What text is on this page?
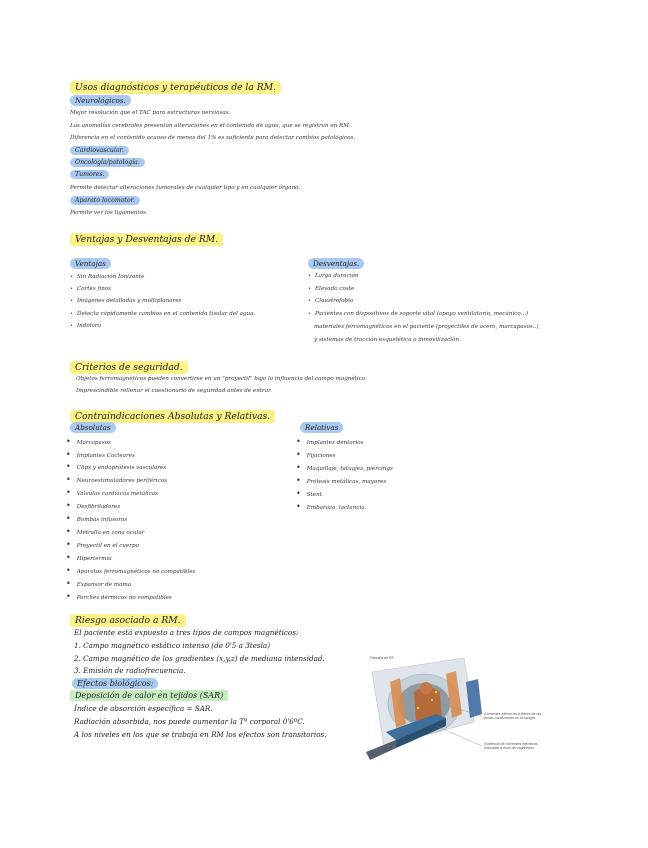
Usos diagnósticos y terapéuticos de la RM.
Neurológicos.
Mejor resolución que el TAC para estructuras nerviosas.
Las anomalías cerebrales presentan alteraciones en el contenido de agua, que se registran en RM.
Diferencia en el contenido acuoso de menos del 1% es suficiente para detectar cambios patológicos.
Cardiovascular.
Oncología/patología.
Tumores.
Permite detectar alteraciones tumorales de cualquier tipo y en cualquier órgano.
Aparato locomotor.
Permite ver los ligamentos.
Ventajas y Desventajas de RM.
Ventajas
• Sin Radiación Ionizante
• Cortes finos
• Imágenes detalladas y multiplanares
• Detecta rápidamente cambios en el contenido tisular del agua.
• Indoloro
Desventajas.
• Larga duración
• Elevado coste
• Claustrofobia
• Pacientes con dispositivos de soporte vital (apoyo ventilatorio, mecánico...)
materiales ferromagnéticos en el paciente (proyectiles de acero, marcapasos..),
y sistemas de tracción esquelética o inmovilización.
Criterios de seguridad.
Objetos ferromagnéticos pueden convertirse en un "proyectil" bajo la influencia del campo magnético.
Imprescindible rellenar el cuestionario de seguridad antes de entrar.
Contraindicaciones Absolutas y Relativas.
Absolutas
• Marcapasos
• Implantes Cocleares
• Clips y endoprótesis vasculares
• Neuroestimuladores periféricos
• Válvulas cardíacas metálicas
• Desfibriladores
• Bombas infusoras
• Metralla en zona ocular
• Proyectil en el cuerpo
• Hipertermia
• Aparatos ferromagnéticos no compatibles
• Expansor de mama
• Parches dérmicos no compatibles
Relativas
• Implantes dentarios
• Fijaciones
• Maquillaje, tatuajes, piercings
• Prótesis metálicas, mayores
• Stent
• Embarazo, lactancia.
Riesgo asociado a RM.
El paciente está expuesto a tres tipos de campos magnéticos:
1. Campo magnético estático intenso (de 0'5 a 3tesla)
2. Campo magnético de los gradientes (x,y,z) de mediana intensidad.
3. Emisión de radiofrecuencia.
Efectos biológicos:
Deposición de calor en tejidos (SAR)
Índice de absorción específica = SAR.
Radiación absorbida, nos puede aumentar la Tª corporal 0'6ºC.
A los niveles en los que se trabaja en RM los efectos son transitorios.
Pantalla de RF
Corrientes eléctricas a través de las zonas conductoras en la sangre
Evidencia de corrientes eléctricas inducidas a nivel del organismo
